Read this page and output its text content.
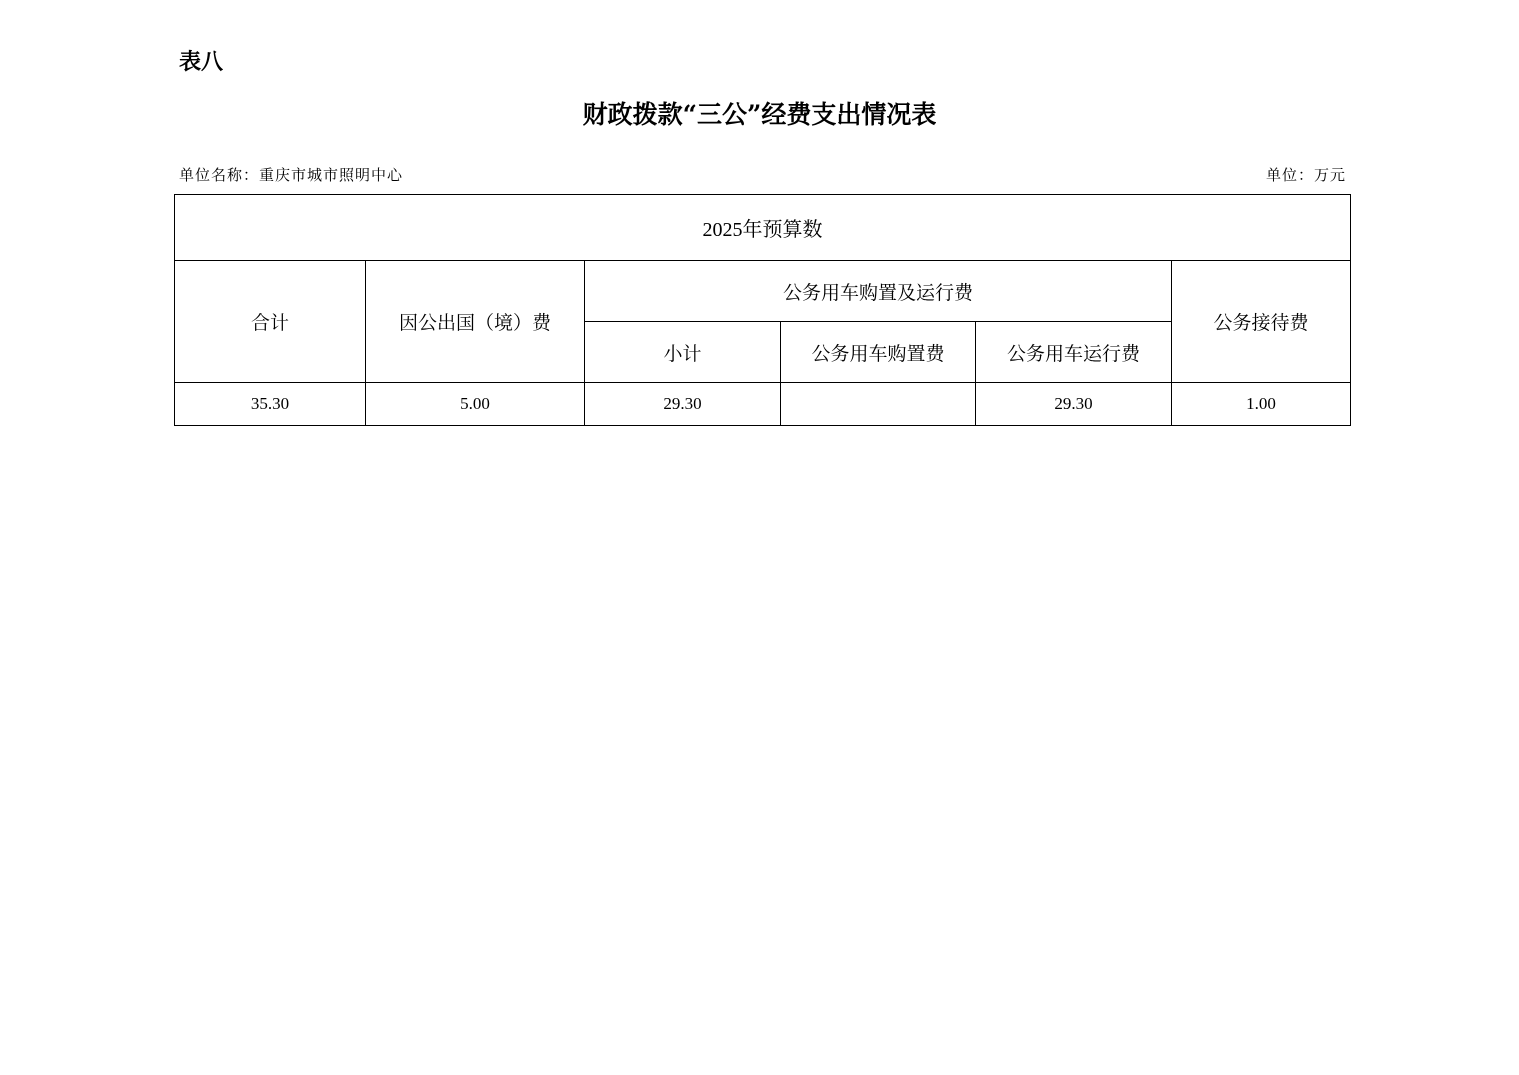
表八
财政拨款“三公”经费支出情况表
单位名称：重庆市城市照明中心	单位：万元
2025年预算数					
合计	因公出国（境）费	公务用车购置及运行费			公务接待费
		小计	公务用车购置费	公务用车运行费	
35.30	5.00	29.30		29.30	1.00
